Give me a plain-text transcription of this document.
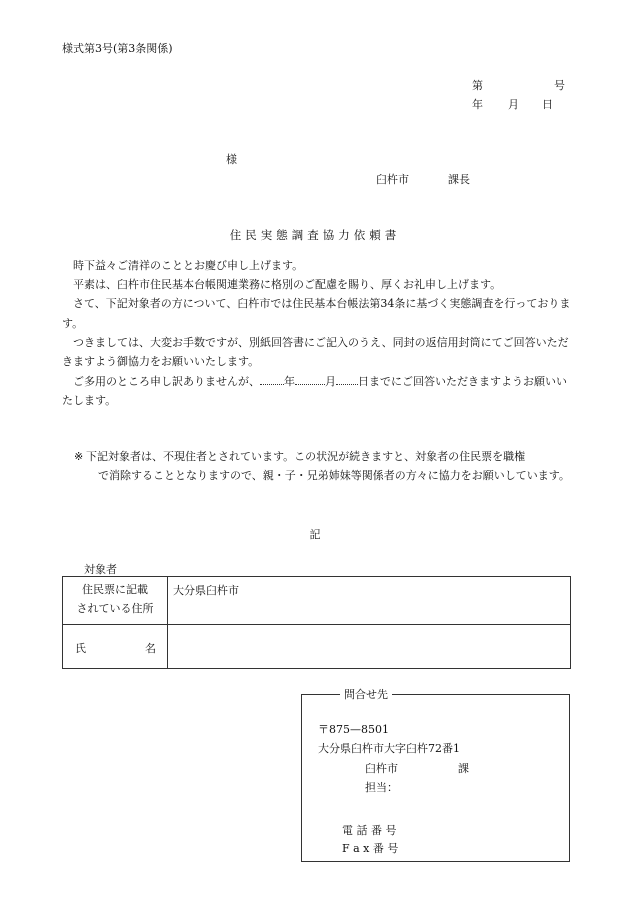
様式第3号(第3条関係)
第	号
年 月 日
様
臼杵市	課長
住民実態調査協力依頼書

時下益々ご清祥のこととお慶び申し上げます。

平素は、臼杵市住民基本台帳関連業務に格別のご配慮を賜り、厚くお礼申し上げます。

さて、下記対象者の方について、臼杵市では住民基本台帳法第34条に基づく実態調査を行っております。

つきましては、大変お手数ですが、別紙回答書にご記入のうえ、同封の返信用封筒にてご回答いただきますよう御協力をお願いいたします。

ご多用のところ申し訳ありませんが、 年	月 日までにご回答いただきますようお願いいたします。

※ 下記対象者は、不現住者とされています。この状況が続きますと、対象者の住民票を職権
で消除することとなりますので、親・子・兄弟姉妹等関係者の方々に協力をお願いしています。
記
対象者
住民票に記載
されている住所	大分県臼杵市

氏 名	

問合せ先
〒875—8501
大分県臼杵市大字臼杵72番1
臼杵市	課
担当：
電 話 番 号
F a x 番 号
